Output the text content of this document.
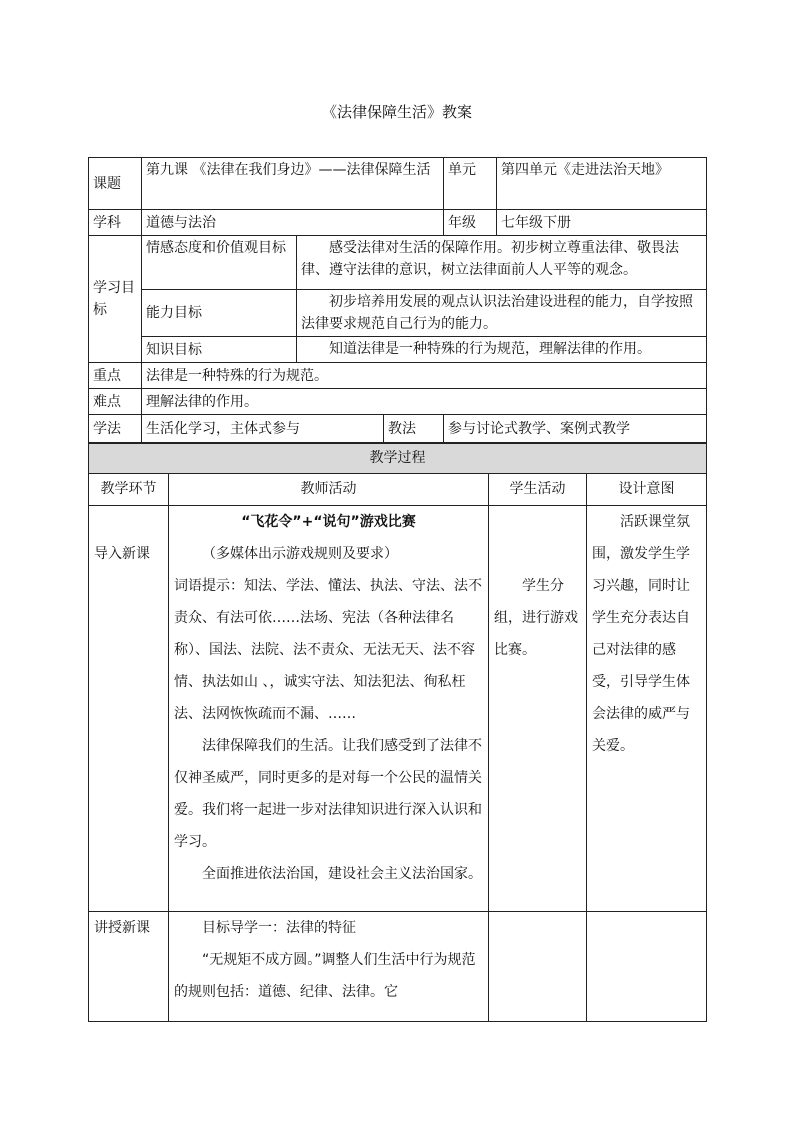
《法律保障生活》教案
课题	第九课 《法律在我们身边》——法律保障生活			单元	第四单元《走进法治天地》
学科	道德与法治			年级	七年级下册
学习目标	情感态度和价值观目标	感受法律对生活的保障作用。初步树立尊重法律、敬畏法律、遵守法律的意识，树立法律面前人人平等的观念。			
	能力目标	初步培养用发展的观点认识法治建设进程的能力，自学按照法律要求规范自己行为的能力。			
	知识目标	知道法律是一种特殊的行为规范，理解法律的作用。			
重点	法律是一种特殊的行为规范。				
难点	理解法律的作用。				
学法	生活化学习，主体式参与		教法	参与讨论式教学、案例式教学	
教学过程			
教学环节	教师活动	学生活动	设计意图

导入新课	“飞花令”+“说句”游戏比赛

（多媒体出示游戏规则及要求）

词语提示：知法、学法、懂法、执法、守法、法不责众、有法可依……法场、宪法（各种法律名称）、国法、法院、法不责众、无法无天、法不容情、执法如山 、，诚实守法、知法犯法、徇私枉法、法网恢恢疏而不漏、……

法律保障我们的生活。让我们感受到了法律不仅神圣威严，同时更多的是对每一个公民的温情关爱。我们将一起进一步对法律知识进行深入认识和学习。

全面推进依法治国，建设社会主义法治国家。	学生分组，进行游戏比赛。	活跃课堂氛围，激发学生学习兴趣，同时让学生充分表达自己对法律的感受，引导学生体会法律的威严与关爱。

讲授新课	目标导学一：法律的特征

“无规矩不成方圆。”调整人们生活中行为规范的规则包括：道德、纪律、法律。它		
